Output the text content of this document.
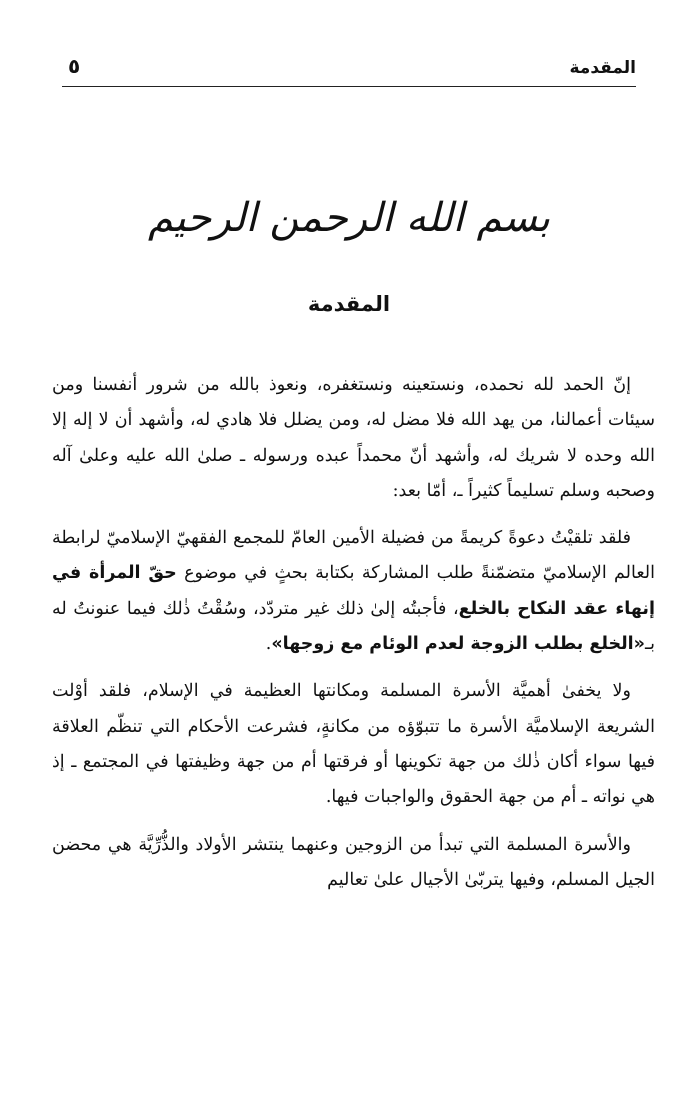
المقدمة
٥
بسم الله الرحمن الرحيم
المقدمة

إنّ الحمد لله نحمده، ونستعينه ونستغفره، ونعوذ بالله من شرور أنفسنا ومن سيئات أعمالنا، من يهد الله فلا مضل له، ومن يضلل فلا هادي له، وأشهد أن لا إله إلا الله وحده لا شريك له، وأشهد أنّ محمداً عبده ورسوله ـ صلىٰ الله عليه وعلىٰ آله وصحبه وسلم تسليماً كثيراً ـ، أمّا بعد:

فلقد تلقيْتُ دعوةً كريمةً من فضيلة الأمين العامّ للمجمع الفقهيّ الإسلاميّ لرابطة العالم الإسلاميّ متضمّنةً طلب المشاركة بكتابة بحثٍ في موضوع حقّ المرأة في إنهاء عقد النكاح بالخلع، فأجبتُه إلىٰ ذلك غير متردّد، وسُقْتُ ذٰلك فيما عنونتُ له بـ«الخلع بطلب الزوجة لعدم الوئام مع زوجها».

ولا يخفىٰ أهميَّة الأسرة المسلمة ومكانتها العظيمة في الإسلام، فلقد أوْلت الشريعة الإسلاميَّة الأسرة ما تتبوّؤه من مكانةٍ، فشرعت الأحكام التي تنظّم العلاقة فيها سواء أكان ذٰلك من جهة تكوينها أو فرقتها أم من جهة وظيفتها في المجتمع ـ إذ هي نواته ـ أم من جهة الحقوق والواجبات فيها.

والأسرة المسلمة التي تبدأ من الزوجين وعنهما ينتشر الأولاد والذُّرِّيَّة هي محضن الجيل المسلم، وفيها يتربّىٰ الأجيال علىٰ تعاليم
